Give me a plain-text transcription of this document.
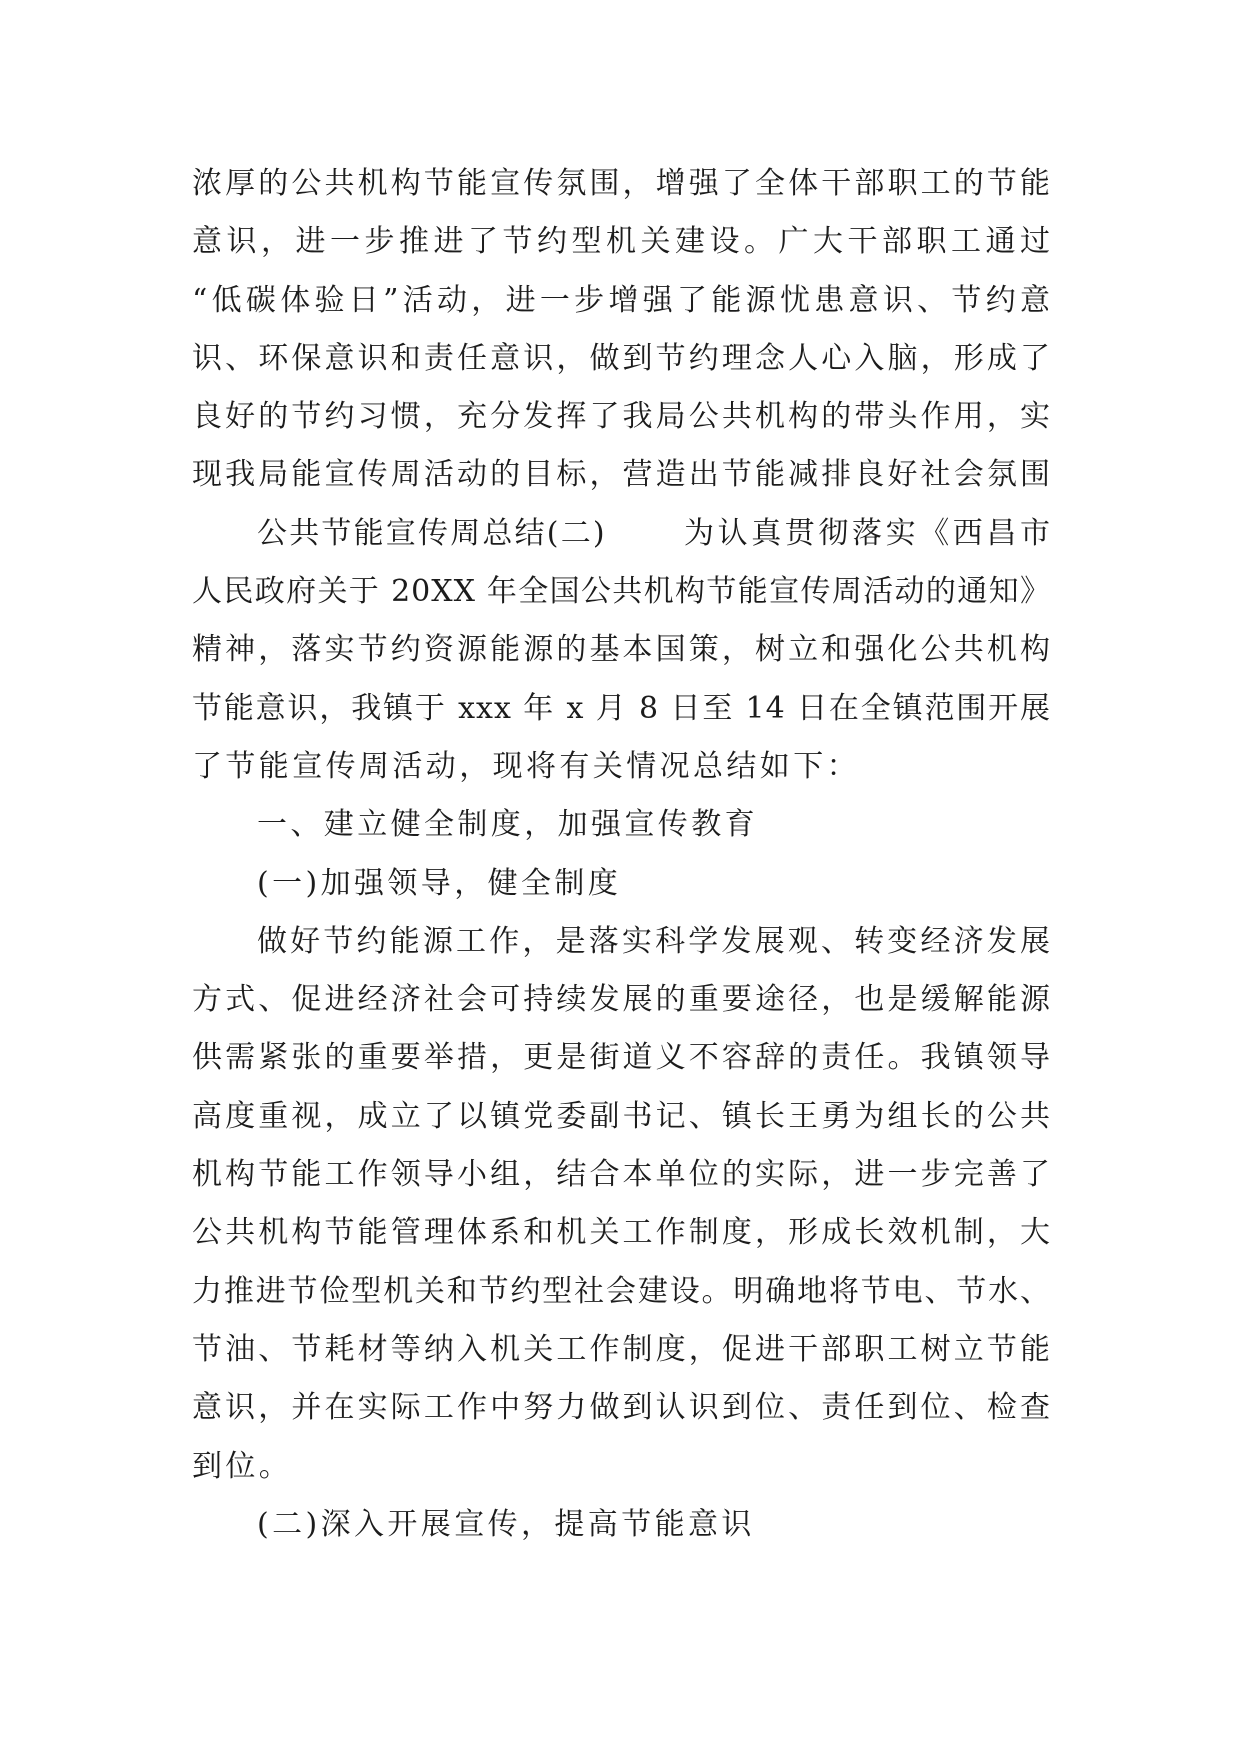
浓厚的公共机构节能宣传氛围，增强了全体干部职工的节能
意识，进一步推进了节约型机关建设。广大干部职工通过
“低碳体验日”活动，进一步增强了能源忧患意识、节约意
识、环保意识和责任意识，做到节约理念人心入脑，形成了
良好的节约习惯，充分发挥了我局公共机构的带头作用，实
现我局能宣传周活动的目标，营造出节能减排良好社会氛围
公共节能宣传周总结(二)	为认真贯彻落实《西昌市
人民政府关于 20XX 年全国公共机构节能宣传周活动的通知》
精神，落实节约资源能源的基本国策，树立和强化公共机构
节能意识，我镇于 xxx 年 x 月 8 日至 14 日在全镇范围开展
了节能宣传周活动，现将有关情况总结如下：
一、建立健全制度，加强宣传教育
(一)加强领导，健全制度
做好节约能源工作，是落实科学发展观、转变经济发展
方式、促进经济社会可持续发展的重要途径，也是缓解能源
供需紧张的重要举措，更是街道义不容辞的责任。我镇领导
高度重视，成立了以镇党委副书记、镇长王勇为组长的公共
机构节能工作领导小组，结合本单位的实际，进一步完善了
公共机构节能管理体系和机关工作制度，形成长效机制，大
力推进节俭型机关和节约型社会建设。明确地将节电、节水、
节油、节耗材等纳入机关工作制度，促进干部职工树立节能
意识，并在实际工作中努力做到认识到位、责任到位、检查
到位。
(二)深入开展宣传，提高节能意识
